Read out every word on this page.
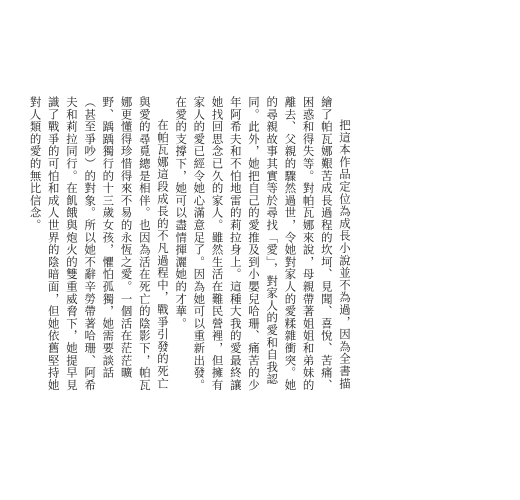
把這本作品定位為成長小說並不為過，因為全書描繪了帕瓦娜艱苦成長過程的坎坷、見聞、喜悅、苦痛、困惑和得失等。對帕瓦娜來說，母親帶著姐姐和弟妹的離去、父親的驟然過世，令她對家人的愛糅雜衝突。她的尋親故事其實等於尋找「愛」，對家人的愛和自我認同。此外，她把自己的愛推及到小嬰兒哈珊、痛苦的少年阿希夫和不怕地雷的莉拉身上。這種大我的愛最終讓她找回思念已久的家人。雖然生活在難民營裡，但擁有家人的愛已經令她心滿意足了。因為她可以重新出發。在愛的支撐下，她可以盡情揮灑她的才華。

在帕瓦娜這段成長的不凡過程中，戰爭引發的死亡與愛的尋覓總是相伴。也因為活在死亡的陰影下，帕瓦娜更懂得珍惜得來不易的永恆之愛。一個活在茫茫曠野、踽踽獨行的十三歲女孩，懼怕孤獨，她需要談話（甚至爭吵）的對象。所以她不辭辛勞帶著哈珊、阿希夫和莉拉同行。在飢餓與炮火的雙重威脅下，她提早見識了戰爭的可怕和成人世界的陰暗面，但她依舊堅持她對人類的愛的無比信念。
